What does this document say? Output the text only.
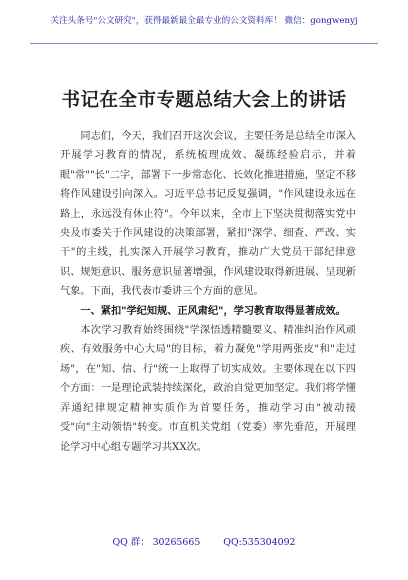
关注头条号"公文研究"，获得最新最全最专业的公文资料库！ 微信：gongwenyj
书记在全市专题总结大会上的讲话

同志们，今天，我们召开这次会议，主要任务是总结全市深入开展学习教育的情况，系统梳理成效、凝练经验启示，并着眼"常""长"二字，部署下一步常态化、长效化推进措施，坚定不移将作风建设引向深入。习近平总书记反复强调，"作风建设永远在路上，永远没有休止符"。今年以来，全市上下坚决贯彻落实党中央及市委关于作风建设的决策部署，紧扣"深学、细查、严改、实干"的主线，扎实深入开展学习教育，推动广大党员干部纪律意识、规矩意识、服务意识显著增强，作风建设取得新进展、呈现新气象。下面，我代表市委讲三个方面的意见。

一、紧扣"学纪知规、正风肃纪"，学习教育取得显著成效。

本次学习教育始终围绕"学深悟透精髓要义、精准纠治作风顽疾、有效服务中心大局"的目标，着力凝免"学用两张皮"和"走过场"，在"知、信、行"统一上取得了切实成效。主要体现在以下四个方面：一是理论武装持续深化，政治自觉更加坚定。我们将学懂弄通纪律规定精神实质作为首要任务，推动学习由"被动接受"向"主动领悟"转变。市直机关党组（党委）率先垂范，开展理论学习中心组专题学习共XX次。

QQ 群： 30265665 QQ:535304092
